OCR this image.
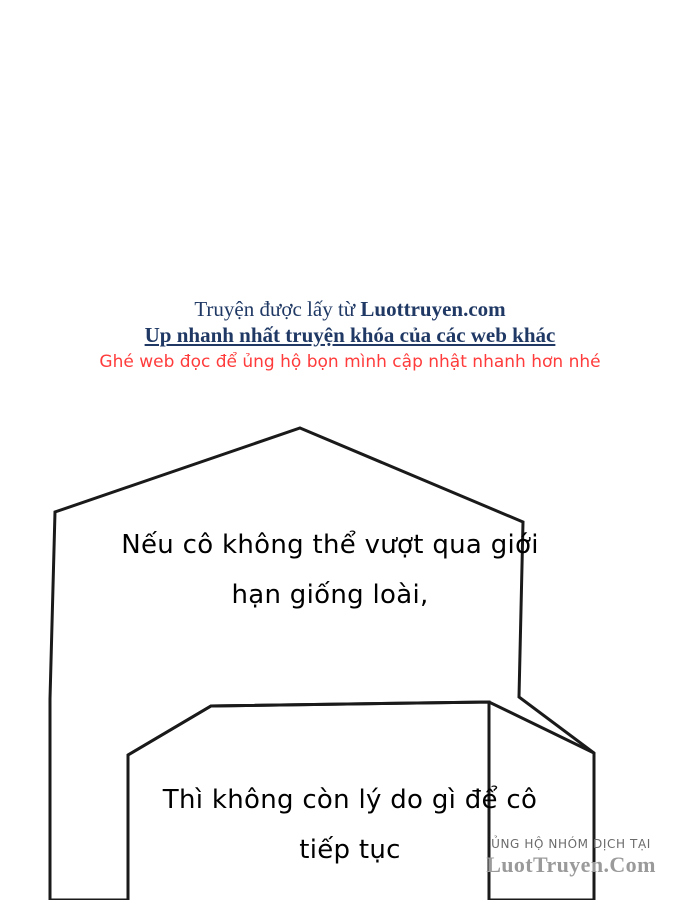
Truyện được lấy từ Luottruyen.com
Up nhanh nhất truyện khóa của các web khác
Ghé web đọc để ủng hộ bọn mình cập nhật nhanh hơn nhé
Nếu cô không thể vượt qua giới hạn giống loài,
Thì không còn lý do gì để cô tiếp tục	ỦNG HỘ NHÓM DỊCH TẠI
LuotTruyen.Com
